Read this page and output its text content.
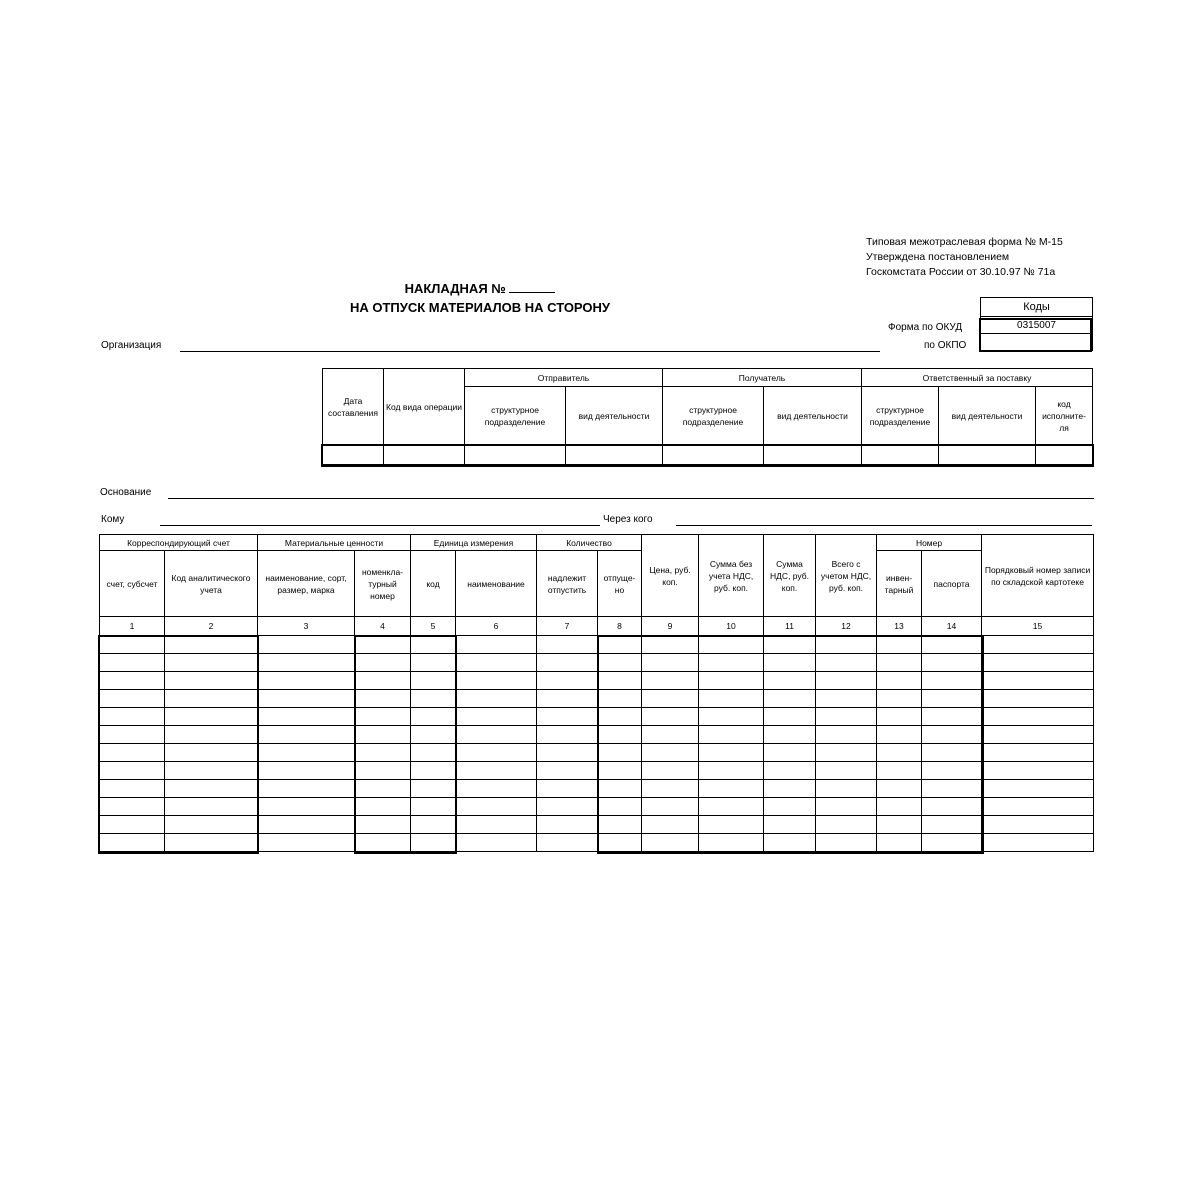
Типовая межотраслевая форма № М-15
Утверждена постановлением
Госкомстата России от 30.10.97 № 71а
НАКЛАДНАЯ №
НА ОТПУСК МАТЕРИАЛОВ НА СТОРОНУ	Коды
0315007

Форма по ОКУД
по ОКПО
Организация
Дата составления	Код вида операции	Отправитель		Получатель		Ответственный за поставку		
		структурное подразделение	вид деятельности	структурное подразделение	вид деятельности	структурное подразделение	вид деятельности	код исполните-ля

Основание
Кому	Через кого
Корреспондирующий счет		Материальные ценности		Единица измерения		Количество		Цена, руб. коп.	Сумма без учета НДС, руб. коп.	Сумма НДС, руб. коп.	Всего с учетом НДС, руб. коп.	Номер		Порядковый номер записи по складской картотеке
счет, субсчет	Код аналитического учета	наименование, сорт, размер, марка	номенкла-турный номер	код	наименование	надлежит отпустить	отпуще-но					инвен-тарный	паспорта	
1	2	3	4	5	6	7	8	9	10	11	12	13	14	15
